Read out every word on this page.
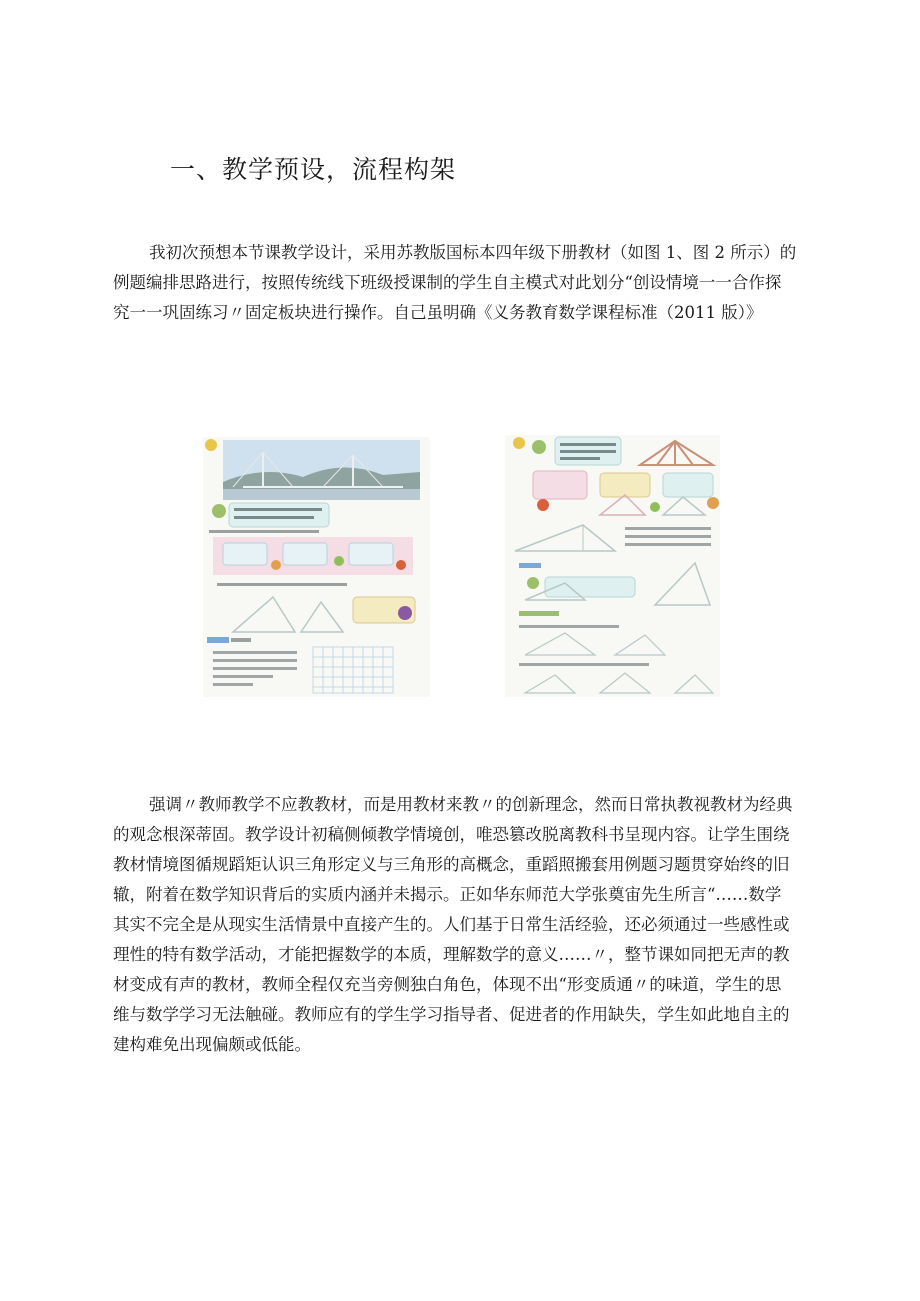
一、教学预设，流程构架

我初次预想本节课教学设计，采用苏教版国标本四年级下册教材（如图 1、图 2 所示）的
例题编排思路进行，按照传统线下班级授课制的学生自主模式对此划分“创设情境一一合作探
究一一巩固练习〃固定板块进行操作。自己虽明确《义务教育数学课程标准（2011 版）》

强调〃教师教学不应教教材，而是用教材来教〃的创新理念，然而日常执教视教材为经典
的观念根深蒂固。教学设计初稿侧倾教学情境创，唯恐篡改脱离教科书呈现内容。让学生围绕
教材情境图循规蹈矩认识三角形定义与三角形的高概念，重蹈照搬套用例题习题贯穿始终的旧
辙，附着在数学知识背后的实质内涵并未揭示。正如华东师范大学张奠宙先生所言“……数学
其实不完全是从现实生活情景中直接产生的。人们基于日常生活经验，还必须通过一些感性或
理性的特有数学活动，才能把握数学的本质，理解数学的意义……〃，整节课如同把无声的教
材变成有声的教材，教师全程仅充当旁侧独白角色，体现不出“形变质通〃的味道，学生的思
维与数学学习无法触碰。教师应有的学生学习指导者、促进者的作用缺失，学生如此地自主的
建构难免出现偏颇或低能。
